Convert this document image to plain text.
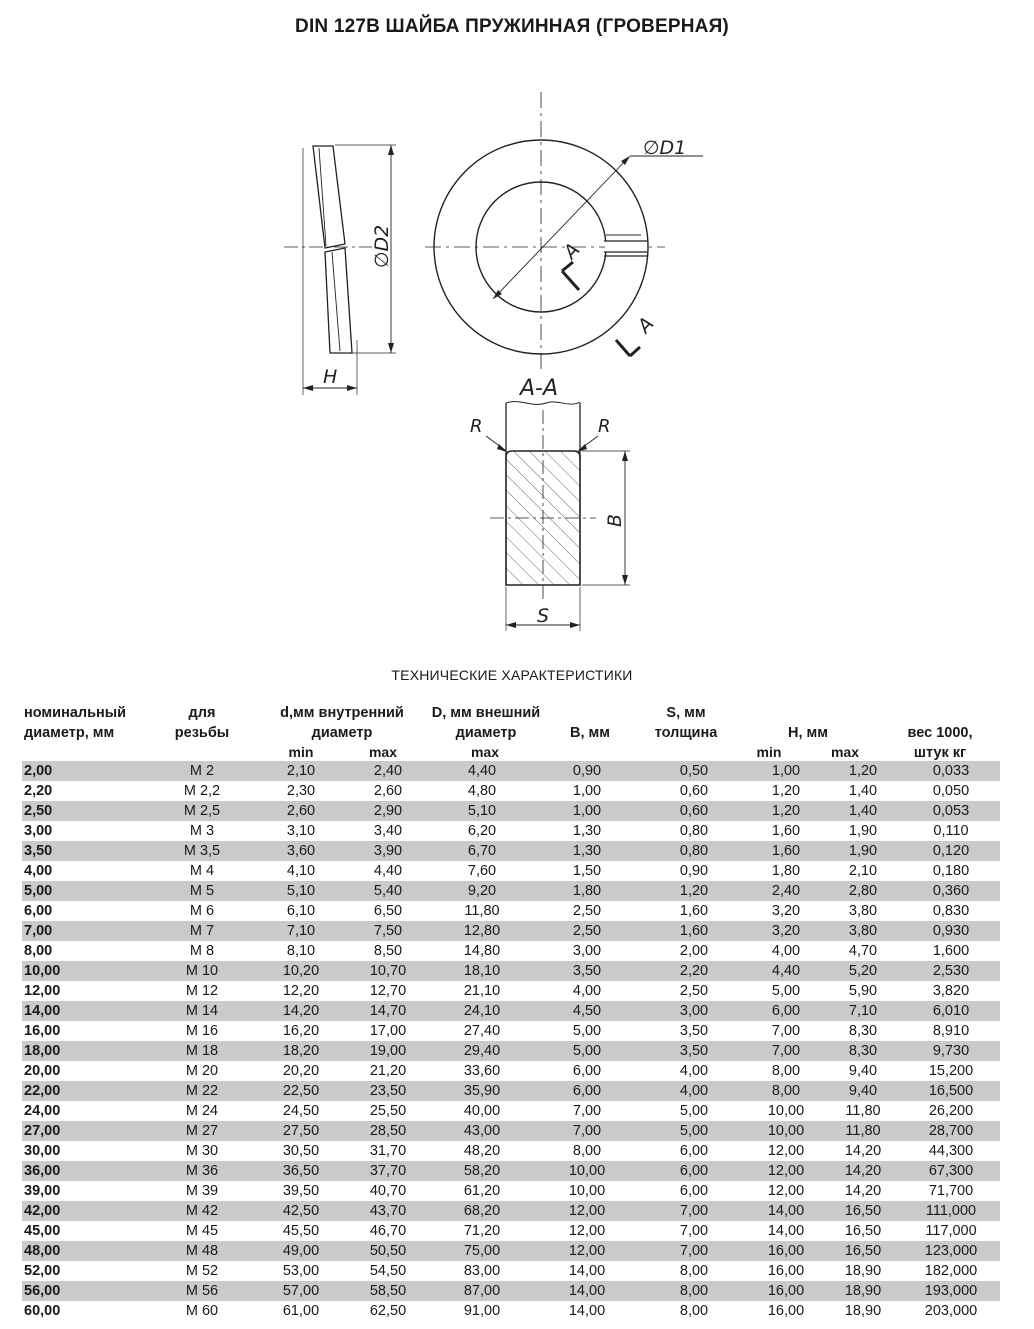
DIN 127B ШАЙБА ПРУЖИННАЯ (ГРОВЕРНАЯ)
∅D2
H
∅D1
A
A
A-A
R	R
B
S
ТЕХНИЧЕСКИЕ ХАРАКТЕРИСТИКИ
номинальный
диаметр, мм
для
резьбы
d,мм внутренний
диаметр
min	max
D, мм внешний
диаметр
max
B, мм
S, мм
толщина	H, мм
min	max
вес 1000,
штук кг
2,00	M 2	2,10	2,40	4,40	0,90	0,50	1,00	1,20	0,033
2,20	M 2,2	2,30	2,60	4,80	1,00	0,60	1,20	1,40	0,050
2,50	M 2,5	2,60	2,90	5,10	1,00	0,60	1,20	1,40	0,053
3,00	M 3	3,10	3,40	6,20	1,30	0,80	1,60	1,90	0,110
3,50	M 3,5	3,60	3,90	6,70	1,30	0,80	1,60	1,90	0,120
4,00	M 4	4,10	4,40	7,60	1,50	0,90	1,80	2,10	0,180
5,00	M 5	5,10	5,40	9,20	1,80	1,20	2,40	2,80	0,360
6,00	M 6	6,10	6,50	11,80	2,50	1,60	3,20	3,80	0,830
7,00	M 7	7,10	7,50	12,80	2,50	1,60	3,20	3,80	0,930
8,00	M 8	8,10	8,50	14,80	3,00	2,00	4,00	4,70	1,600
10,00	M 10	10,20	10,70	18,10	3,50	2,20	4,40	5,20	2,530
12,00	M 12	12,20	12,70	21,10	4,00	2,50	5,00	5,90	3,820
14,00	M 14	14,20	14,70	24,10	4,50	3,00	6,00	7,10	6,010
16,00	M 16	16,20	17,00	27,40	5,00	3,50	7,00	8,30	8,910
18,00	M 18	18,20	19,00	29,40	5,00	3,50	7,00	8,30	9,730
20,00	M 20	20,20	21,20	33,60	6,00	4,00	8,00	9,40	15,200
22,00	M 22	22,50	23,50	35,90	6,00	4,00	8,00	9,40	16,500
24,00	M 24	24,50	25,50	40,00	7,00	5,00	10,00	11,80	26,200
27,00	M 27	27,50	28,50	43,00	7,00	5,00	10,00	11,80	28,700
30,00	M 30	30,50	31,70	48,20	8,00	6,00	12,00	14,20	44,300
36,00	M 36	36,50	37,70	58,20	10,00	6,00	12,00	14,20	67,300
39,00	M 39	39,50	40,70	61,20	10,00	6,00	12,00	14,20	71,700
42,00	M 42	42,50	43,70	68,20	12,00	7,00	14,00	16,50	111,000
45,00	M 45	45,50	46,70	71,20	12,00	7,00	14,00	16,50	117,000
48,00	M 48	49,00	50,50	75,00	12,00	7,00	16,00	16,50	123,000
52,00	M 52	53,00	54,50	83,00	14,00	8,00	16,00	18,90	182,000
56,00	M 56	57,00	58,50	87,00	14,00	8,00	16,00	18,90	193,000
60,00	M 60	61,00	62,50	91,00	14,00	8,00	16,00	18,90	203,000
